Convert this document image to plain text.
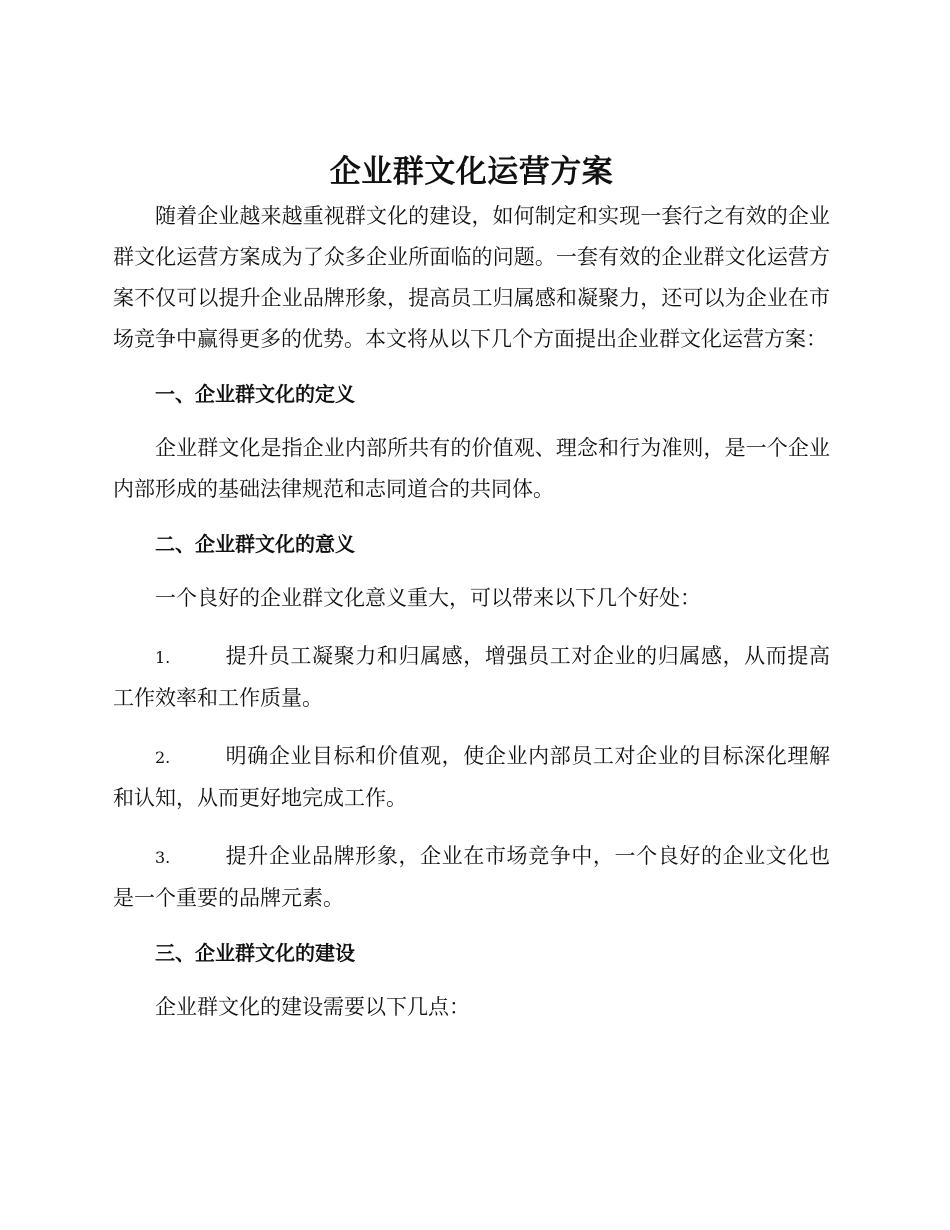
企业群文化运营方案

随着企业越来越重视群文化的建设，如何制定和实现一套行之有效的企业群文化运营方案成为了众多企业所面临的问题。一套有效的企业群文化运营方案不仅可以提升企业品牌形象，提高员工归属感和凝聚力，还可以为企业在市场竞争中赢得更多的优势。本文将从以下几个方面提出企业群文化运营方案：

一、企业群文化的定义

企业群文化是指企业内部所共有的价值观、理念和行为准则，是一个企业内部形成的基础法律规范和志同道合的共同体。

二、企业群文化的意义

一个良好的企业群文化意义重大，可以带来以下几个好处：

1.	提升员工凝聚力和归属感，增强员工对企业的归属感，从而提高工作效率和工作质量。

2.	明确企业目标和价值观，使企业内部员工对企业的目标深化理解和认知，从而更好地完成工作。

3.	提升企业品牌形象，企业在市场竞争中，一个良好的企业文化也是一个重要的品牌元素。

三、企业群文化的建设

企业群文化的建设需要以下几点：
